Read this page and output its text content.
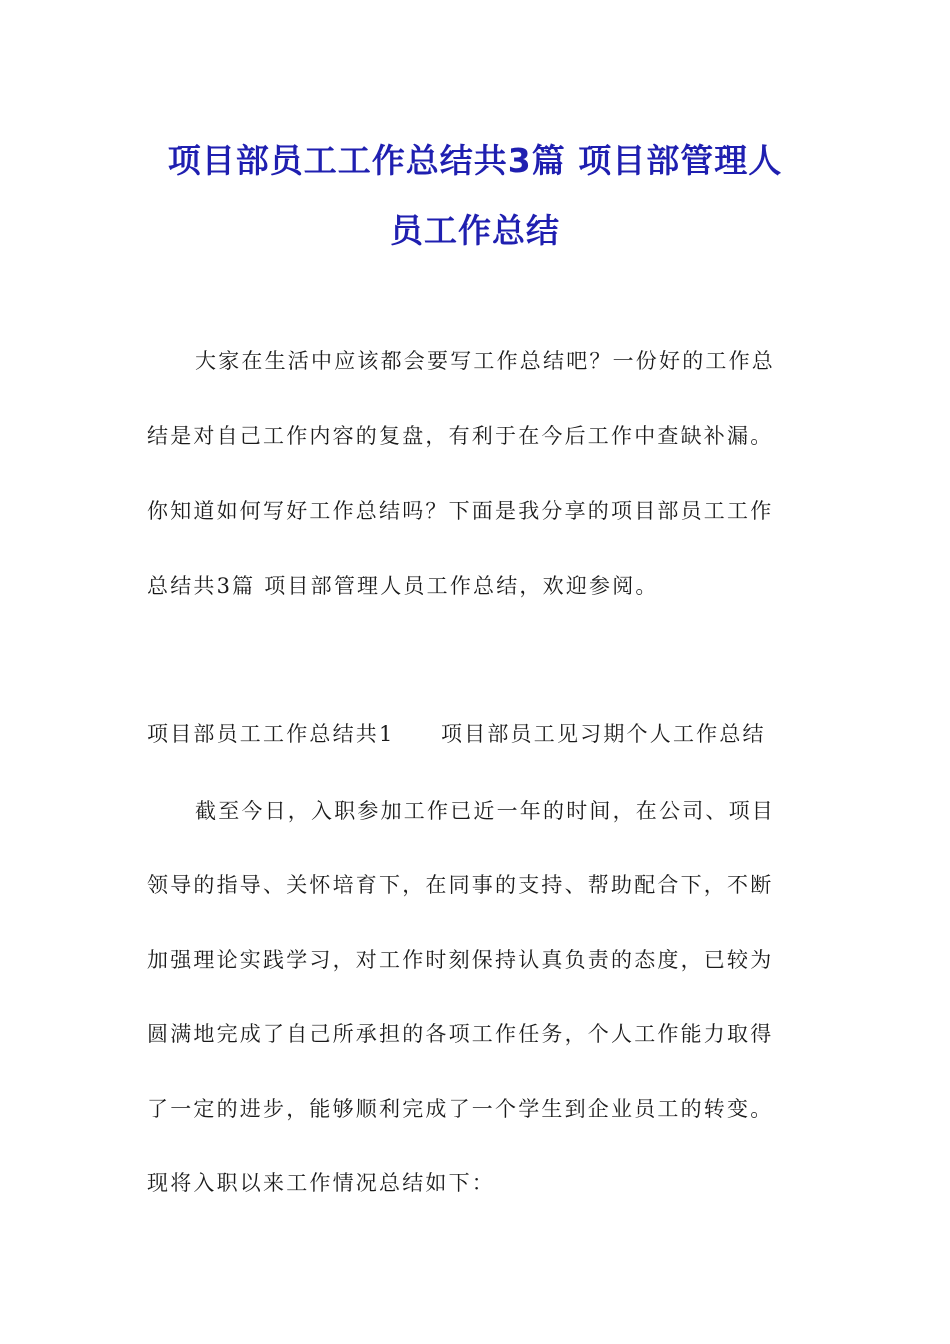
项目部员工工作总结共3篇 项目部管理人
员工作总结

大家在生活中应该都会要写工作总结吧？一份好的工作总

结是对自己工作内容的复盘，有利于在今后工作中查缺补漏。

你知道如何写好工作总结吗？下面是我分享的项目部员工工作

总结共3篇 项目部管理人员工作总结，欢迎参阅。

项目部员工工作总结共1　　项目部员工见习期个人工作总结

截至今日，入职参加工作已近一年的时间，在公司、项目

领导的指导、关怀培育下，在同事的支持、帮助配合下，不断

加强理论实践学习，对工作时刻保持认真负责的态度，已较为

圆满地完成了自己所承担的各项工作任务，个人工作能力取得

了一定的进步，能够顺利完成了一个学生到企业员工的转变。

现将入职以来工作情况总结如下：
